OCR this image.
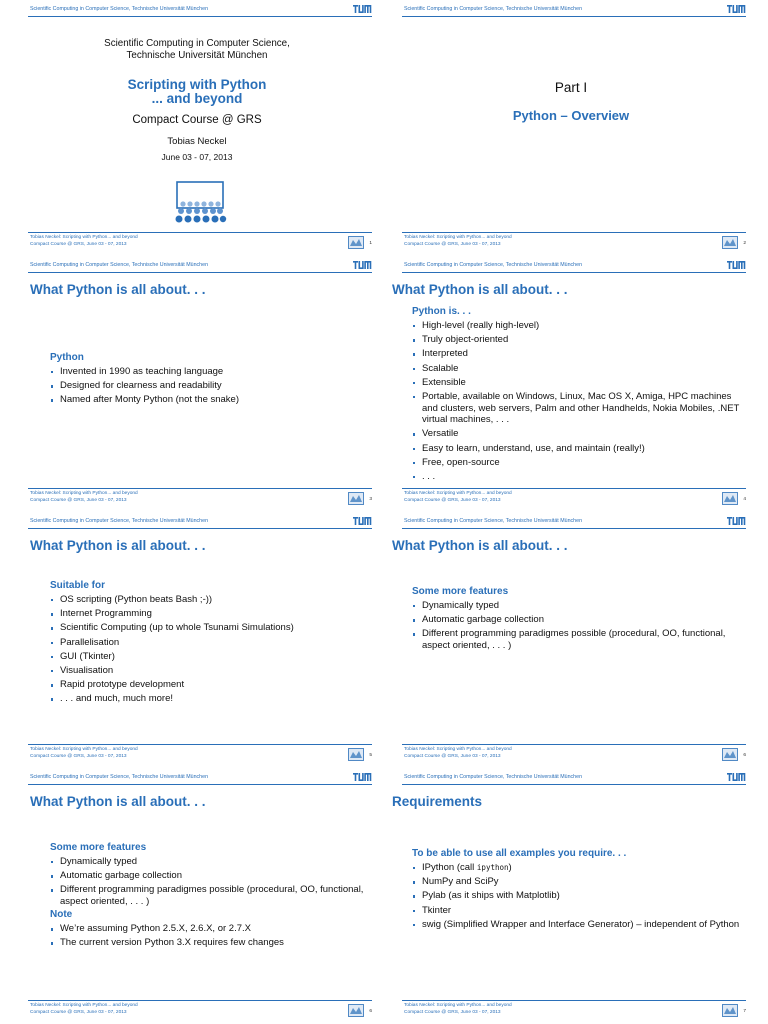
Scientific Computing in Computer Science, Technische Universität München
Scientific Computing in Computer Science,
Technische Universität München
Scripting with Python
... and beyond
Compact Course @ GRS
Tobias Neckel
June 03 - 07, 2013
Tobias Neckel: Scripting with Python... and beyond
Compact Course @ GRS, June 03 - 07, 2013	1
Scientific Computing in Computer Science, Technische Universität München
Part I
Python – Overview
Tobias Neckel: Scripting with Python... and beyond
Compact Course @ GRS, June 03 - 07, 2013	2
Scientific Computing in Computer Science, Technische Universität München
What Python is all about. . .
Python
Invented in 1990 as teaching language
Designed for clearness and readability
Named after Monty Python (not the snake)
Tobias Neckel: Scripting with Python... and beyond
Compact Course @ GRS, June 03 - 07, 2013	3
Scientific Computing in Computer Science, Technische Universität München
What Python is all about. . .
Python is. . .
High-level (really high-level)
Truly object-oriented
Interpreted
Scalable
Extensible
Portable, available on Windows, Linux, Mac OS X, Amiga, HPC machines and clusters, web servers, Palm and other Handhelds, Nokia Mobiles, .NET virtual machines, . . .
Versatile
Easy to learn, understand, use, and maintain (really!)
Free, open-source
. . .
Tobias Neckel: Scripting with Python... and beyond
Compact Course @ GRS, June 03 - 07, 2013	4
Scientific Computing in Computer Science, Technische Universität München
What Python is all about. . .
Suitable for
OS scripting (Python beats Bash ;-))
Internet Programming
Scientific Computing (up to whole Tsunami Simulations)
Parallelisation
GUI (Tkinter)
Visualisation
Rapid prototype development
. . . and much, much more!
Tobias Neckel: Scripting with Python... and beyond
Compact Course @ GRS, June 03 - 07, 2013	5
Scientific Computing in Computer Science, Technische Universität München
What Python is all about. . .
Some more features
Dynamically typed
Automatic garbage collection
Different programming paradigmes possible (procedural, OO, functional, aspect oriented, . . . )
Tobias Neckel: Scripting with Python... and beyond
Compact Course @ GRS, June 03 - 07, 2013	6
Scientific Computing in Computer Science, Technische Universität München
What Python is all about. . .
Some more features
Dynamically typed
Automatic garbage collection
Different programming paradigmes possible (procedural, OO, functional, aspect oriented, . . . )
Note
We’re assuming Python 2.5.X, 2.6.X, or 2.7.X
The current version Python 3.X requires few changes
Tobias Neckel: Scripting with Python... and beyond
Compact Course @ GRS, June 03 - 07, 2013	6
Scientific Computing in Computer Science, Technische Universität München
Requirements
To be able to use all examples you require. . .
IPython (call ipython)
NumPy and SciPy
Pylab (as it ships with Matplotlib)
Tkinter
swig (Simplified Wrapper and Interface Generator) – independent of Python
Tobias Neckel: Scripting with Python... and beyond
Compact Course @ GRS, June 03 - 07, 2013	7
